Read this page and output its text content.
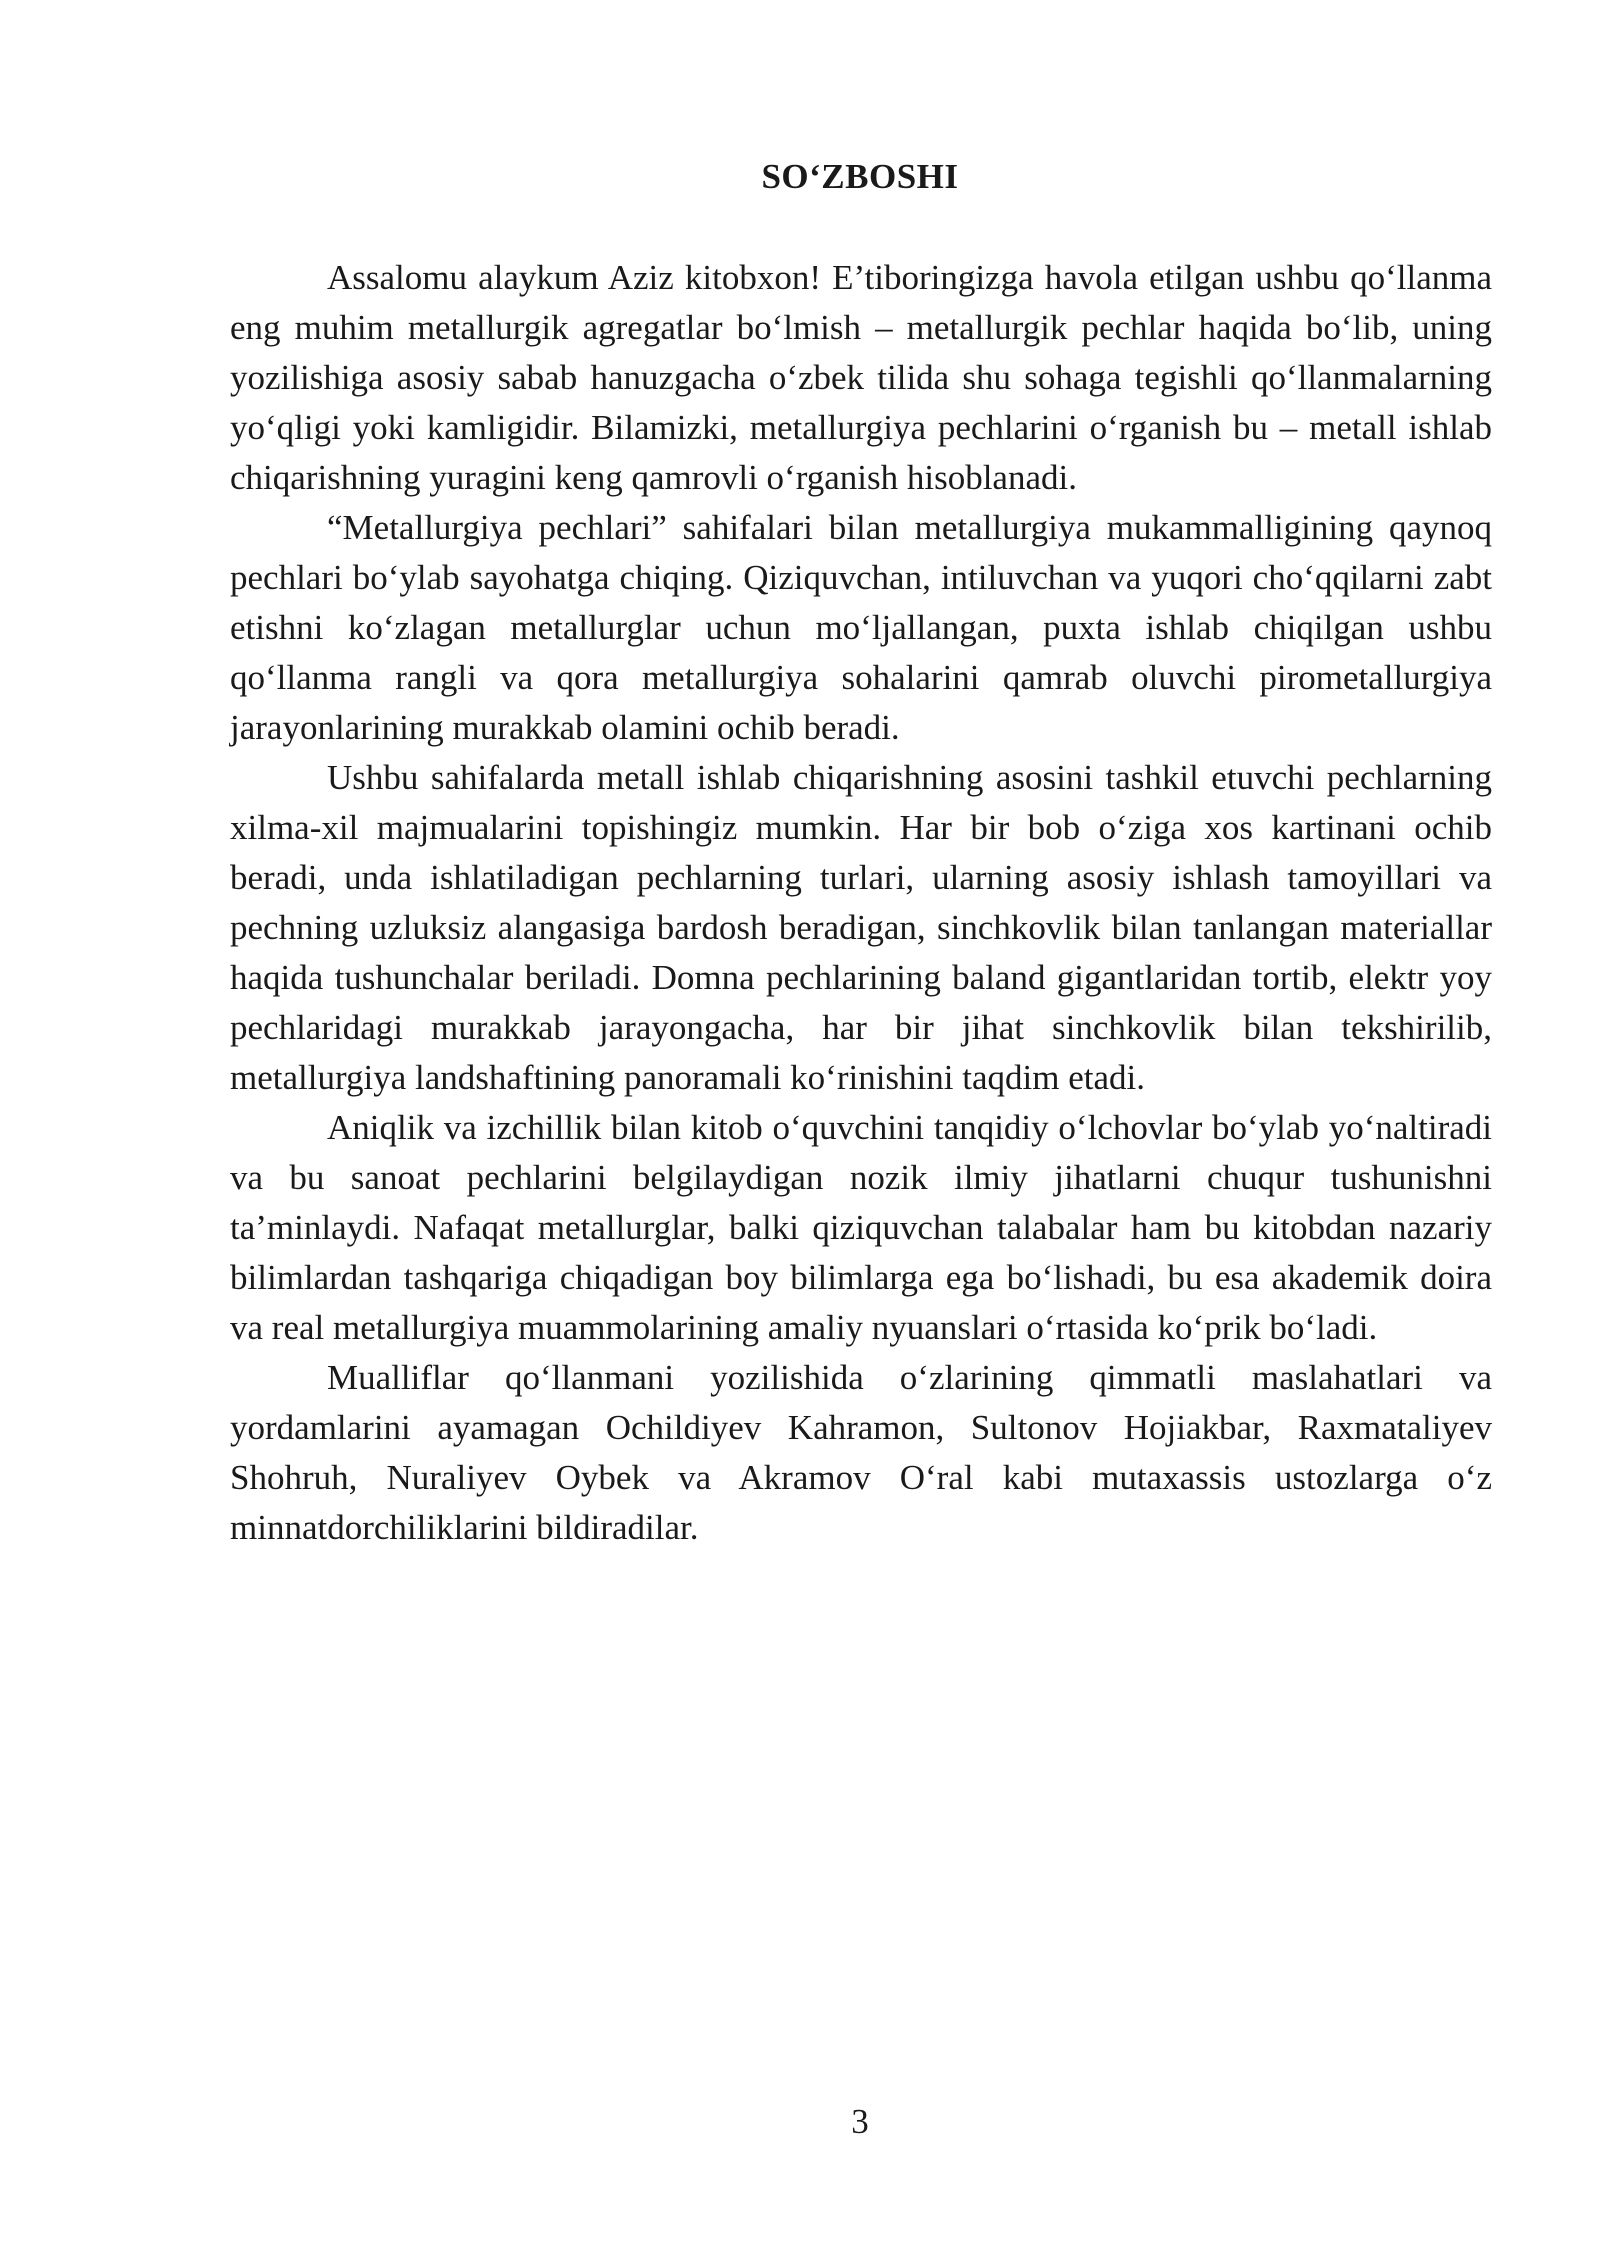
SO‘ZBOSHI

Assalomu alaykum Aziz kitobxon! E’tiboringizga havola etilgan ushbu qo‘llanma eng muhim metallurgik agregatlar bo‘lmish – metallurgik pechlar haqida bo‘lib, uning yozilishiga asosiy sabab hanuzgacha o‘zbek tilida shu sohaga tegishli qo‘llanmalarning yo‘qligi yoki kamligidir. Bilamizki, metallurgiya pechlarini o‘rganish bu – metall ishlab chiqarishning yuragini keng qamrovli o‘rganish hisoblanadi.

“Metallurgiya pechlari” sahifalari bilan metallurgiya mukammalligining qaynoq pechlari bo‘ylab sayohatga chiqing. Qiziquvchan, intiluvchan va yuqori cho‘qqilarni zabt etishni ko‘zlagan metallurglar uchun mo‘ljallangan, puxta ishlab chiqilgan ushbu qo‘llanma rangli va qora metallurgiya sohalarini qamrab oluvchi pirometallurgiya jarayonlarining murakkab olamini ochib beradi.

Ushbu sahifalarda metall ishlab chiqarishning asosini tashkil etuvchi pechlarning xilma-xil majmualarini topishingiz mumkin. Har bir bob o‘ziga xos kartinani ochib beradi, unda ishlatiladigan pechlarning turlari, ularning asosiy ishlash tamoyillari va pechning uzluksiz alangasiga bardosh beradigan, sinchkovlik bilan tanlangan materiallar haqida tushunchalar beriladi. Domna pechlarining baland gigantlaridan tortib, elektr yoy pechlaridagi murakkab jarayongacha, har bir jihat sinchkovlik bilan tekshirilib, metallurgiya landshaftining panoramali ko‘rinishini taqdim etadi.

Aniqlik va izchillik bilan kitob o‘quvchini tanqidiy o‘lchovlar bo‘ylab yo‘naltiradi va bu sanoat pechlarini belgilaydigan nozik ilmiy jihatlarni chuqur tushunishni ta’minlaydi. Nafaqat metallurglar, balki qiziquvchan talabalar ham bu kitobdan nazariy bilimlardan tashqariga chiqadigan boy bilimlarga ega bo‘lishadi, bu esa akademik doira va real metallurgiya muammolarining amaliy nyuanslari o‘rtasida ko‘prik bo‘ladi.

Mualliflar qo‘llanmani yozilishida o‘zlarining qimmatli maslahatlari va yordamlarini ayamagan Ochildiyev Kahramon, Sultonov Hojiakbar, Raxmataliyev Shohruh, Nuraliyev Oybek va Akramov O‘ral kabi mutaxassis ustozlarga o‘z minnatdorchiliklarini bildiradilar.

3
